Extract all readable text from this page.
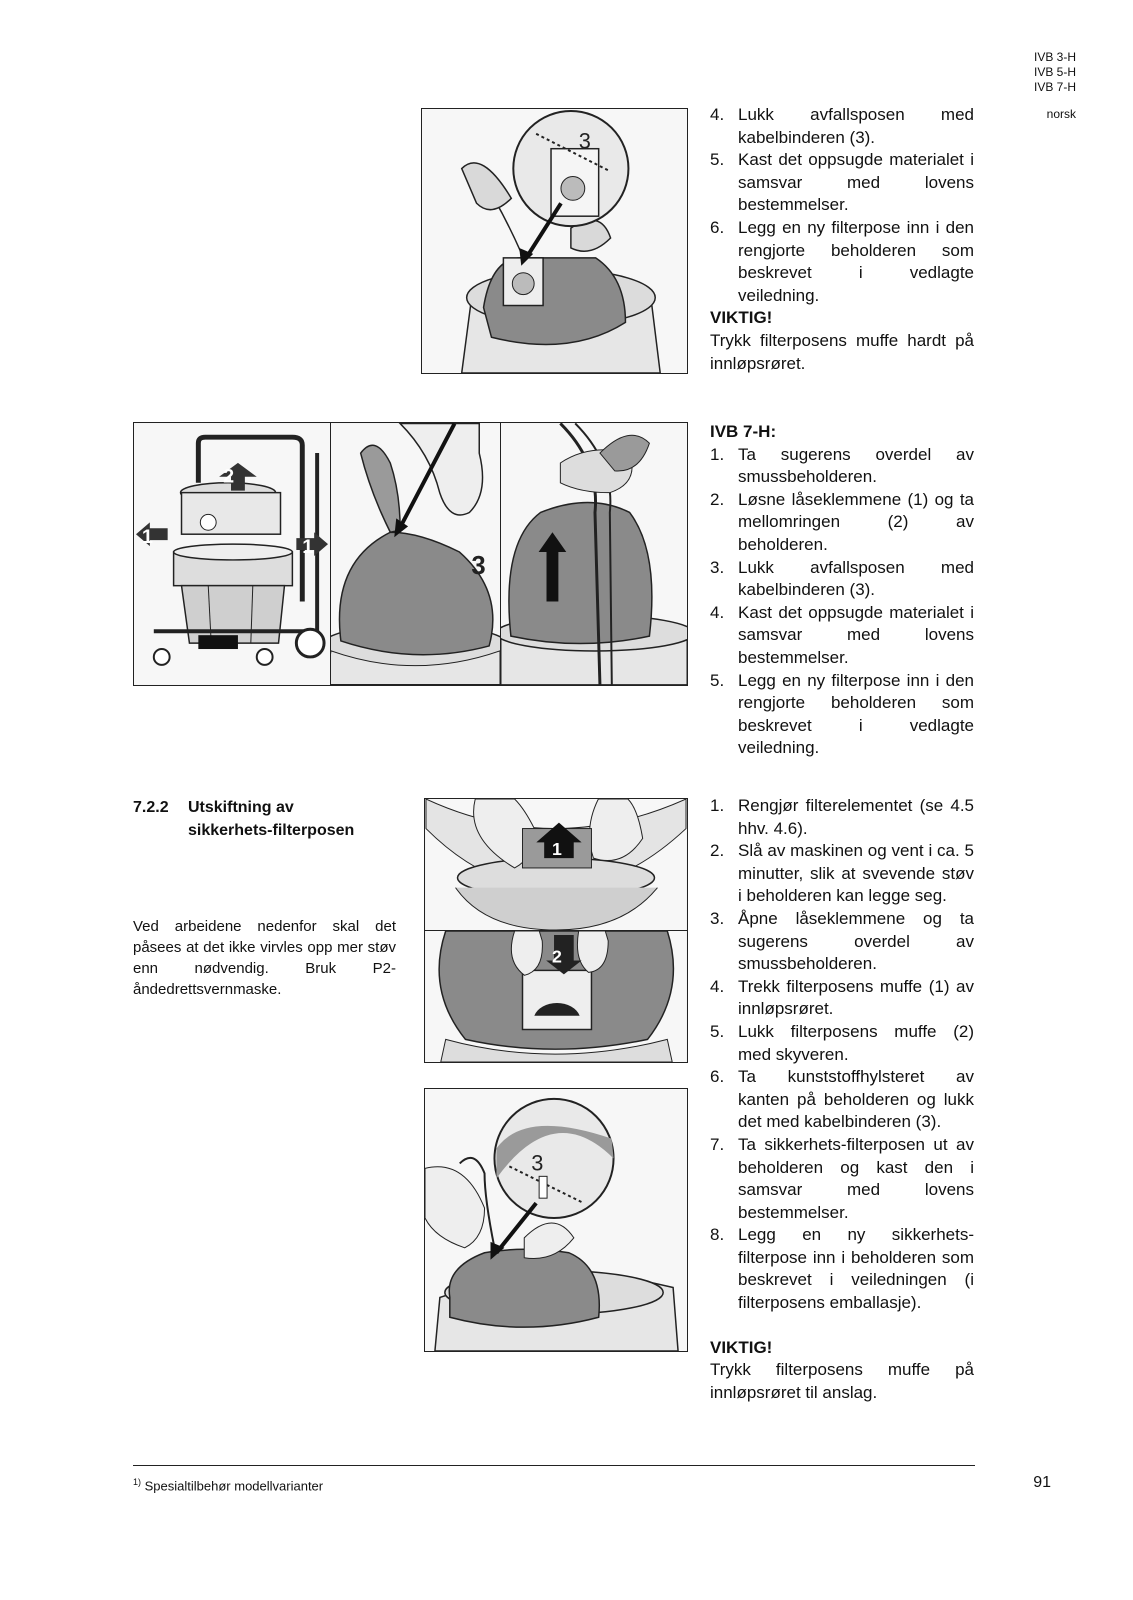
IVB 3-H
IVB 5-H
IVB 7-H
norsk
3
4. Lukk avfallsposen med kabelbinderen (3).
5. Kast det oppsugde materialet i samsvar med lovens bestemmelser.
6. Legg en ny filterpose inn i den rengjorte beholderen som beskrevet i vedlagte veiledning.
VIKTIG!
Trykk filterposens muffe hardt på innløpsrøret.
2
1	1
3
IVB 7-H:
1. Ta sugerens overdel av smussbeholderen.
2. Løsne låseklemmene (1) og ta mellomringen (2) av beholderen.
3. Lukk avfallsposen med kabelbinderen (3).
4. Kast det oppsugde materialet i samsvar med lovens bestemmelser.
5. Legg en ny filterpose inn i den rengjorte beholderen som beskrevet i vedlagte veiledning.
7.2.2 Utskiftning av
sikkerhets-filterposen
Ved arbeidene nedenfor skal det påsees at det ikke virvles opp mer støv enn nødvendig. Bruk P2-åndedrettsvernmaske.
1
2
3
1. Rengjør filterelementet (se 4.5 hhv. 4.6).
2. Slå av maskinen og vent i ca. 5 minutter, slik at svevende støv i beholderen kan legge seg.
3. Åpne låseklemmene og ta sugerens overdel av smussbeholderen.
4. Trekk filterposens muffe (1) av innløpsrøret.
5. Lukk filterposens muffe (2) med skyveren.
6. Ta kunststoffhylsteret av kanten på beholderen og lukk det med kabelbinderen (3).
7. Ta sikkerhets-filterposen ut av beholderen og kast den i samsvar med lovens bestemmelser.
8. Legg en ny sikkerhets-filterpose inn i beholderen som beskrevet i veiledningen (i filterposens emballasje).
VIKTIG!
Trykk filterposens muffe på innløpsrøret til anslag.
$^{1)}$ Spesialtilbehør modellvarianter	91
